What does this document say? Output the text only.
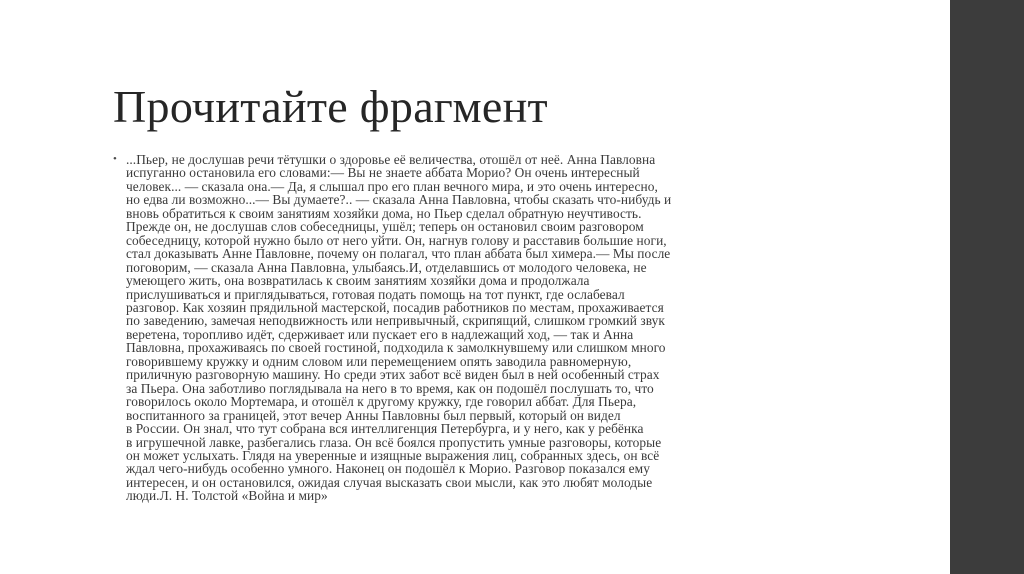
Прочитайте фрагмент
• ...Пьер, не дослушав речи тётушки о здоровье её величества, отошёл от неё. Анна Павловна
испуганно остановила его словами:— Вы не знаете аббата Морио? Он очень интересный
человек... — сказала она.— Да, я слышал про его план вечного мира, и это очень интересно,
но едва ли возможно...— Вы думаете?.. — сказала Анна Павловна, чтобы сказать что-нибудь и
вновь обратиться к своим занятиям хозяйки дома, но Пьер сделал обратную неучтивость.
Прежде он, не дослушав слов собеседницы, ушёл; теперь он остановил своим разговором
собеседницу, которой нужно было от него уйти. Он, нагнув голову и расставив большие ноги,
стал доказывать Анне Павловне, почему он полагал, что план аббата был химера.— Мы после
поговорим, — сказала Анна Павловна, улыбаясь.И, отделавшись от молодого человека, не
умеющего жить, она возвратилась к своим занятиям хозяйки дома и продолжала
прислушиваться и приглядываться, готовая подать помощь на тот пункт, где ослабевал
разговор. Как хозяин прядильной мастерской, посадив работников по местам, прохаживается
по заведению, замечая неподвижность или непривычный, скрипящий, слишком громкий звук
веретена, торопливо идёт, сдерживает или пускает его в надлежащий ход, — так и Анна
Павловна, прохаживаясь по своей гостиной, подходила к замолкнувшему или слишком много
говорившему кружку и одним словом или перемещением опять заводила равномерную,
приличную разговорную машину. Но среди этих забот всё виден был в ней особенный страх
за Пьера. Она заботливо поглядывала на него в то время, как он подошёл послушать то, что
говорилось около Мортемара, и отошёл к другому кружку, где говорил аббат. Для Пьера,
воспитанного за границей, этот вечер Анны Павловны был первый, который он видел
в России. Он знал, что тут собрана вся интеллигенция Петербурга, и у него, как у ребёнка
в игрушечной лавке, разбегались глаза. Он всё боялся пропустить умные разговоры, которые
он может услыхать. Глядя на уверенные и изящные выражения лиц, собранных здесь, он всё
ждал чего-нибудь особенно умного. Наконец он подошёл к Морио. Разговор показался ему
интересен, и он остановился, ожидая случая высказать свои мысли, как это любят молодые
люди.Л. Н. Толстой «Война и мир»
